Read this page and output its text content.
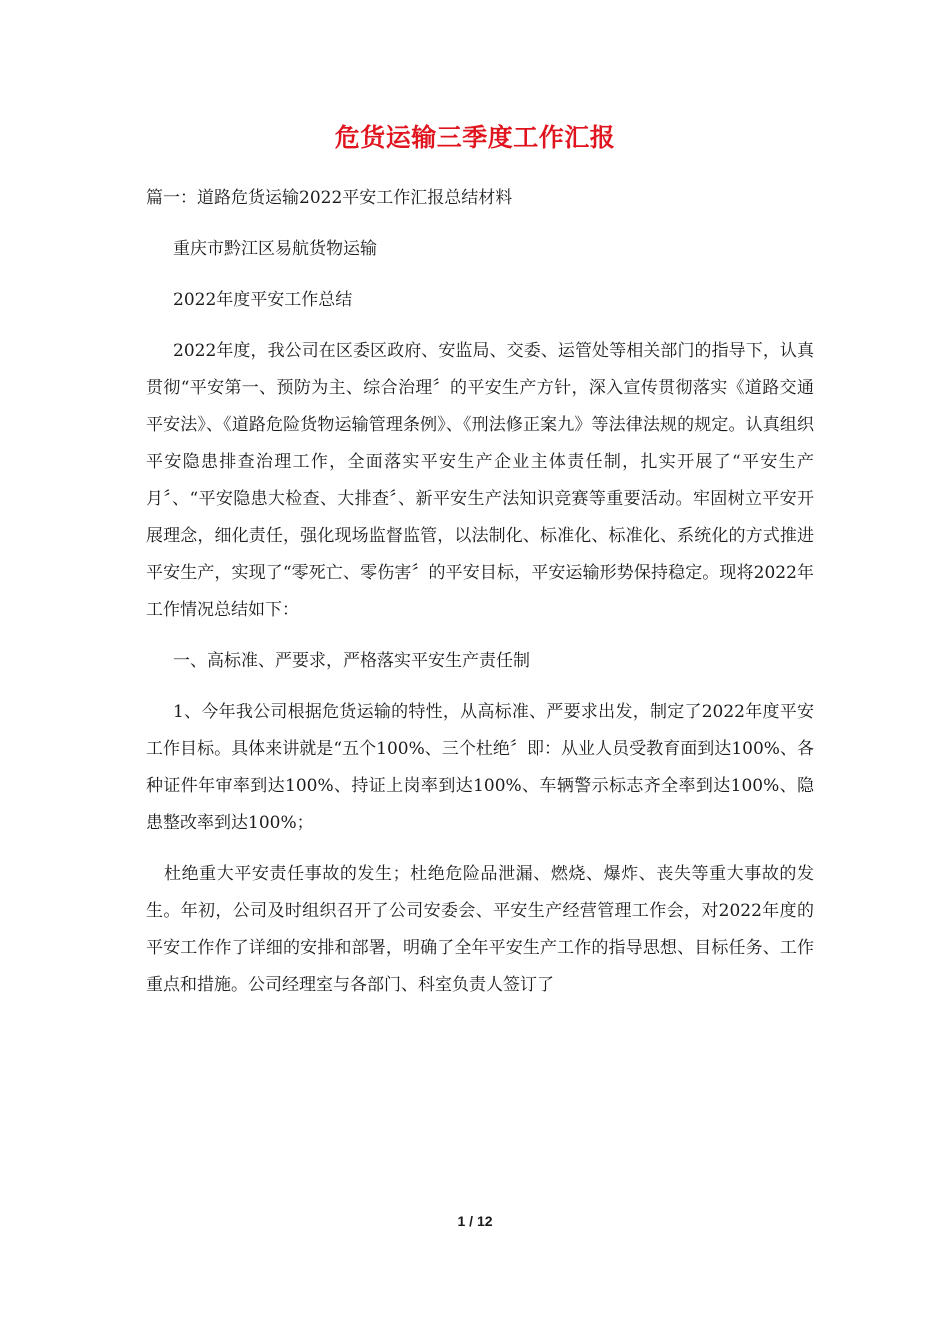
危货运输三季度工作汇报

篇一：道路危货运输2022平安工作汇报总结材料

重庆市黔江区易航货物运输

2022年度平安工作总结

2022年度，我公司在区委区政府、安监局、交委、运管处等相关部门的指导下，认真贯彻“平安第一、预防为主、综合治理〞的平安生产方针，深入宣传贯彻落实《道路交通平安法》、《道路危险货物运输管理条例》、《刑法修正案九》等法律法规的规定。认真组织平安隐患排查治理工作，全面落实平安生产企业主体责任制，扎实开展了“平安生产月〞、“平安隐患大检查、大排查〞、新平安生产法知识竞赛等重要活动。牢固树立平安开展理念，细化责任，强化现场监督监管，以法制化、标准化、标准化、系统化的方式推进平安生产，实现了“零死亡、零伤害〞的平安目标，平安运输形势保持稳定。现将2022年工作情况总结如下：

一、高标准、严要求，严格落实平安生产责任制

1、今年我公司根据危货运输的特性，从高标准、严要求出发，制定了2022年度平安工作目标。具体来讲就是“五个100%、三个杜绝〞即：从业人员受教育面到达100%、各种证件年审率到达100%、持证上岗率到达100%、车辆警示标志齐全率到达100%、隐患整改率到达100%；

杜绝重大平安责任事故的发生；杜绝危险品泄漏、燃烧、爆炸、丧失等重大事故的发生。年初，公司及时组织召开了公司安委会、平安生产经营管理工作会，对2022年度的平安工作作了详细的安排和部署，明确了全年平安生产工作的指导思想、目标任务、工作重点和措施。公司经理室与各部门、科室负责人签订了

1 / 12
